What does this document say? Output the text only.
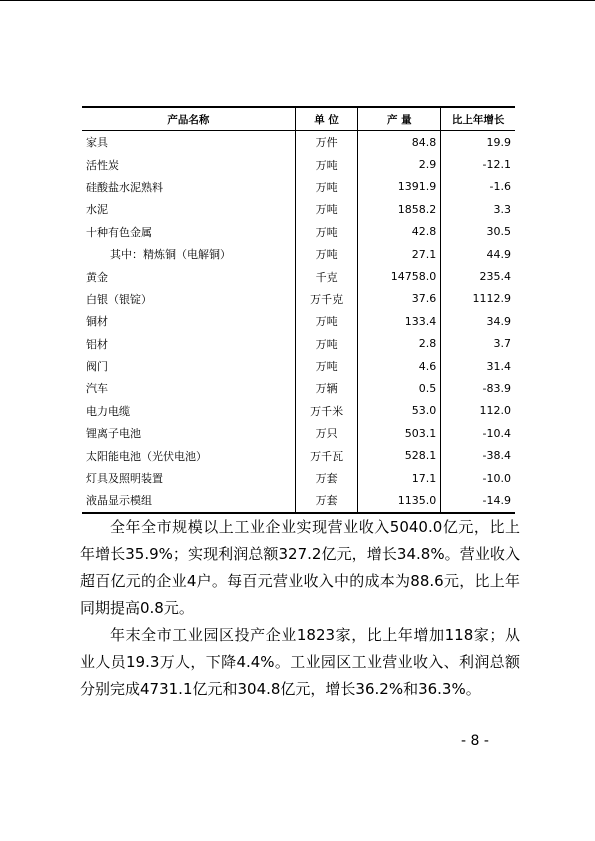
产品名称	单 位	产 量	比上年增长
家具	万件	84.8	19.9
活性炭	万吨	2.9	-12.1
硅酸盐水泥熟料	万吨	1391.9	-1.6
水泥	万吨	1858.2	3.3
十种有色金属	万吨	42.8	30.5
其中：精炼铜（电解铜）	万吨	27.1	44.9
黄金	千克	14758.0	235.4
白银（银锭）	万千克	37.6	1112.9
铜材	万吨	133.4	34.9
铝材	万吨	2.8	3.7
阀门	万吨	4.6	31.4
汽车	万辆	0.5	-83.9
电力电缆	万千米	53.0	112.0
锂离子电池	万只	503.1	-10.4
太阳能电池（光伏电池）	万千瓦	528.1	-38.4
灯具及照明装置	万套	17.1	-10.0
液晶显示模组	万套	1135.0	-14.9

全年全市规模以上工业企业实现营业收入5040.0亿元，比上年增长35.9%；实现利润总额327.2亿元，增长34.8%。营业收入超百亿元的企业4户。每百元营业收入中的成本为88.6元，比上年同期提高0.8元。

年末全市工业园区投产企业1823家，比上年增加118家；从业人员19.3万人，下降4.4%。工业园区工业营业收入、利润总额分别完成4731.1亿元和304.8亿元，增长36.2%和36.3%。

- 8 -
